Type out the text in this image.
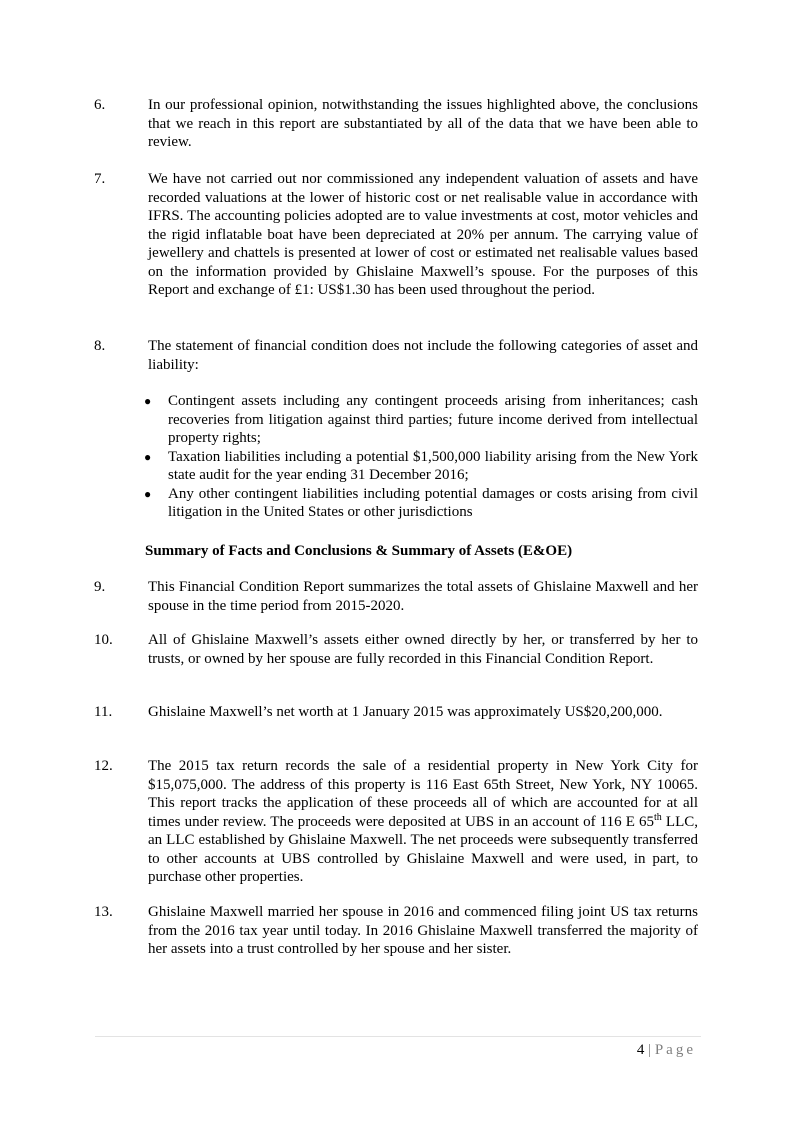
6.	In our professional opinion, notwithstanding the issues highlighted above, the conclusions that we reach in this report are substantiated by all of the data that we have been able to review.
7.	We have not carried out nor commissioned any independent valuation of assets and have recorded valuations at the lower of historic cost or net realisable value in accordance with IFRS. The accounting policies adopted are to value investments at cost, motor vehicles and the rigid inflatable boat have been depreciated at 20% per annum. The carrying value of jewellery and chattels is presented at lower of cost or estimated net realisable values based on the information provided by Ghislaine Maxwell’s spouse. For the purposes of this Report and exchange of £1: US$1.30 has been used throughout the period.
8.	The statement of financial condition does not include the following categories of asset and liability:
● Contingent assets including any contingent proceeds arising from inheritances; cash recoveries from litigation against third parties; future income derived from intellectual property rights;
● Taxation liabilities including a potential $1,500,000 liability arising from the New York state audit for the year ending 31 December 2016;
● Any other contingent liabilities including potential damages or costs arising from civil litigation in the United States or other jurisdictions
Summary of Facts and Conclusions & Summary of Assets (E&OE)
9.	This Financial Condition Report summarizes the total assets of Ghislaine Maxwell and her spouse in the time period from 2015-2020.
10.	All of Ghislaine Maxwell’s assets either owned directly by her, or transferred by her to trusts, or owned by her spouse are fully recorded in this Financial Condition Report.
11.	Ghislaine Maxwell’s net worth at 1 January 2015 was approximately US$20,200,000.
12.	The 2015 tax return records the sale of a residential property in New York City for $15,075,000. The address of this property is 116 East 65th Street, New York, NY 10065. This report tracks the application of these proceeds all of which are accounted for at all times under review. The proceeds were deposited at UBS in an account of 116 E 65th LLC, an LLC established by Ghislaine Maxwell. The net proceeds were subsequently transferred to other accounts at UBS controlled by Ghislaine Maxwell and were used, in part, to purchase other properties.
13.	Ghislaine Maxwell married her spouse in 2016 and commenced filing joint US tax returns from the 2016 tax year until today. In 2016 Ghislaine Maxwell transferred the majority of her assets into a trust controlled by her spouse and her sister.
4 | Page
